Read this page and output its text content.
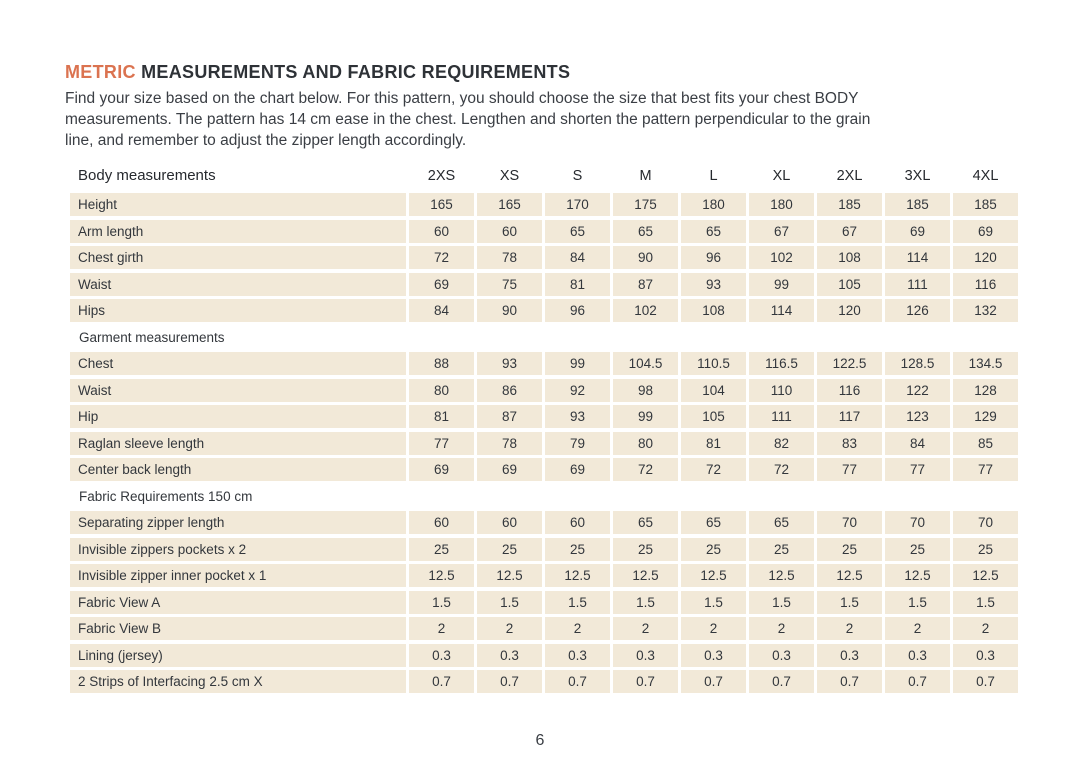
METRIC MEASUREMENTS AND FABRIC REQUIREMENTS
Find your size based on the chart below. For this pattern, you should choose the size that best fits your chest BODY
measurements. The pattern has 14 cm ease in the chest. Lengthen and shorten the pattern perpendicular to the grain
line, and remember to adjust the zipper length accordingly.
Body measurements	2XS	XS	S	M	L	XL	2XL	3XL	4XL
Height	165	165	170	175	180	180	185	185	185
Arm length	60	60	65	65	65	67	67	69	69
Chest girth	72	78	84	90	96	102	108	114	120
Waist	69	75	81	87	93	99	105	111	116
Hips	84	90	96	102	108	114	120	126	132
Garment measurements
Chest	88	93	99	104.5	110.5	116.5	122.5	128.5	134.5
Waist	80	86	92	98	104	110	116	122	128
Hip	81	87	93	99	105	111	117	123	129
Raglan sleeve length	77	78	79	80	81	82	83	84	85
Center back length	69	69	69	72	72	72	77	77	77
Fabric Requirements 150 cm
Separating zipper length	60	60	60	65	65	65	70	70	70
Invisible zippers pockets x 2	25	25	25	25	25	25	25	25	25
Invisible zipper inner pocket x 1	12.5	12.5	12.5	12.5	12.5	12.5	12.5	12.5	12.5
Fabric View A	1.5	1.5	1.5	1.5	1.5	1.5	1.5	1.5	1.5
Fabric View B	2	2	2	2	2	2	2	2	2
Lining (jersey)	0.3	0.3	0.3	0.3	0.3	0.3	0.3	0.3	0.3
2 Strips of Interfacing 2.5 cm X	0.7	0.7	0.7	0.7	0.7	0.7	0.7	0.7	0.7
6
